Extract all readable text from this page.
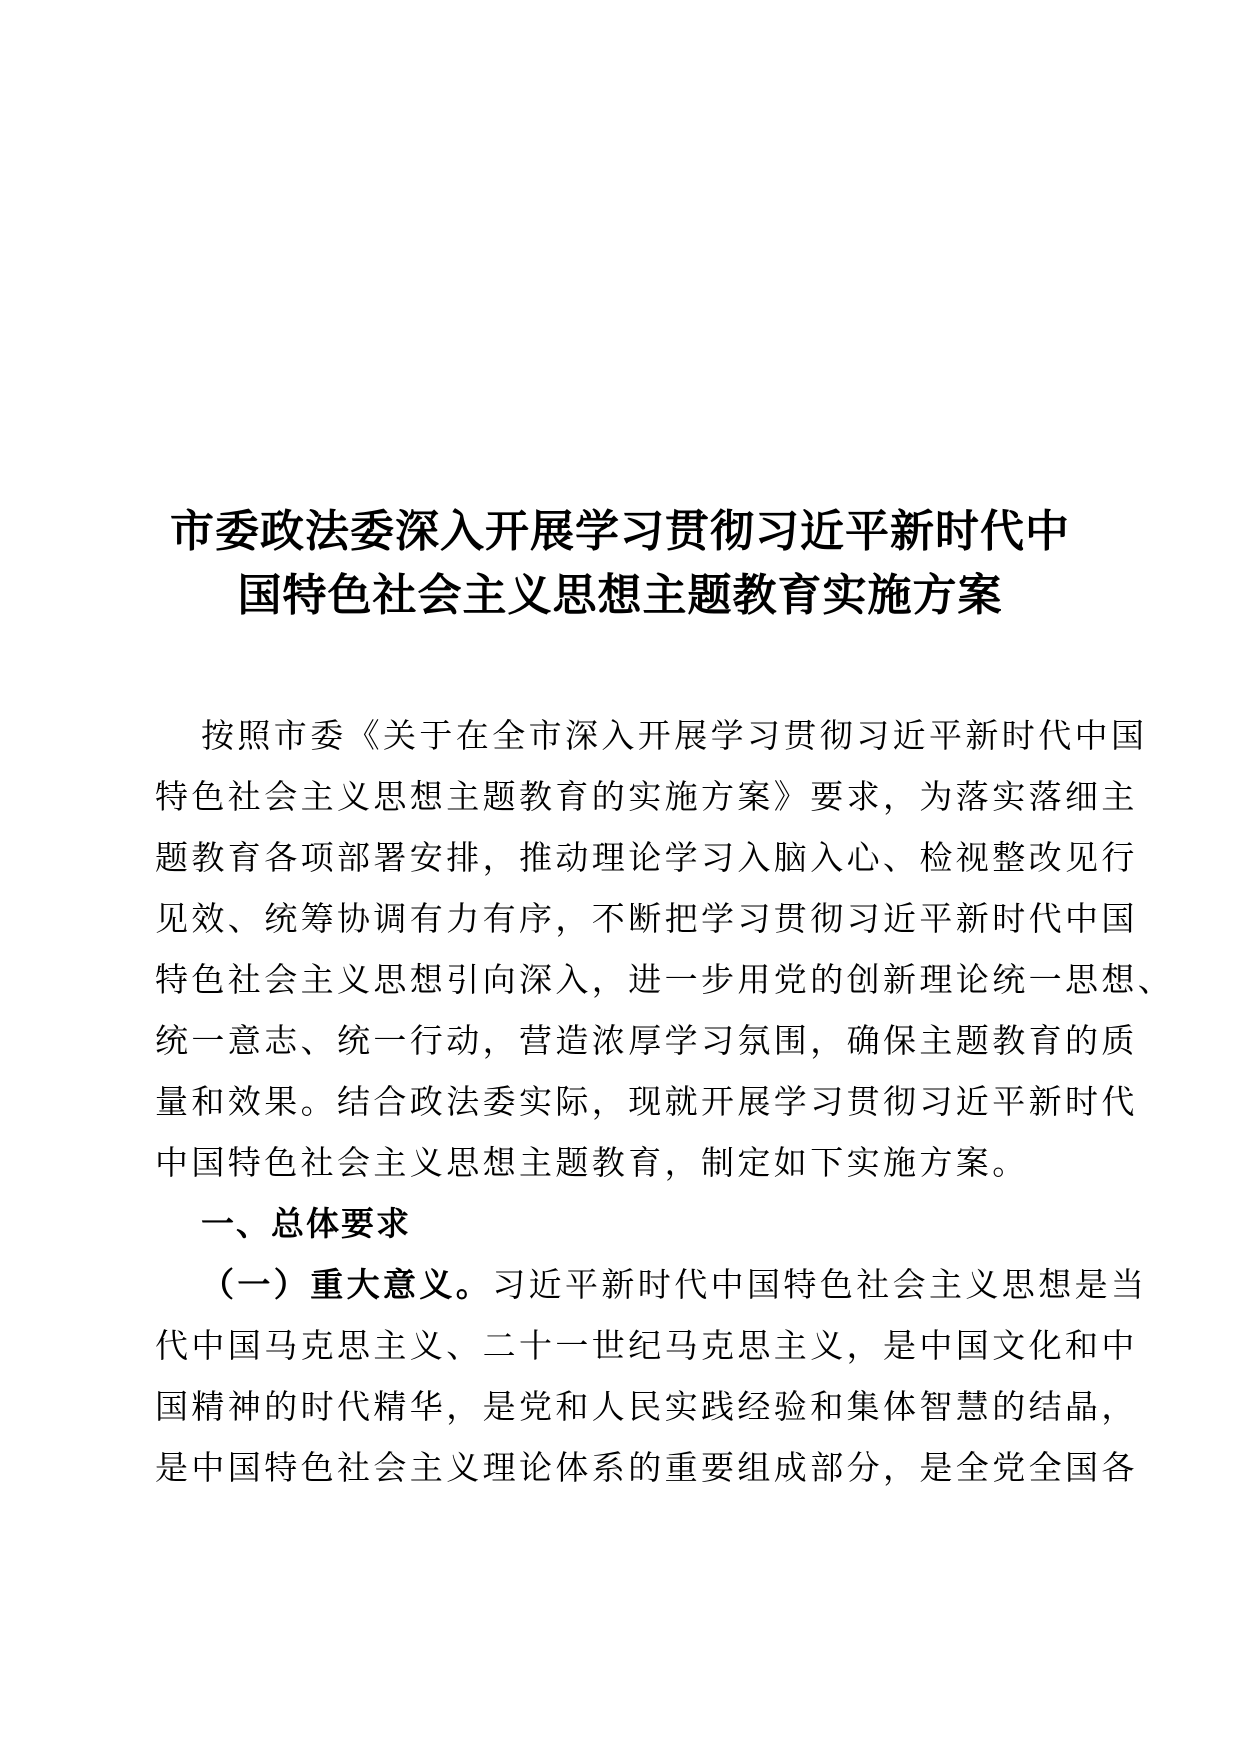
市委政法委深入开展学习贯彻习近平新时代中
国特色社会主义思想主题教育实施方案
按照市委《关于在全市深入开展学习贯彻习近平新时代中国
特色社会主义思想主题教育的实施方案》要求，为落实落细主
题教育各项部署安排，推动理论学习入脑入心、检视整改见行
见效、统筹协调有力有序，不断把学习贯彻习近平新时代中国
特色社会主义思想引向深入，进一步用党的创新理论统一思想、
统一意志、统一行动，营造浓厚学习氛围，确保主题教育的质
量和效果。结合政法委实际，现就开展学习贯彻习近平新时代
中国特色社会主义思想主题教育，制定如下实施方案。
一、总体要求
（一）重大意义。习近平新时代中国特色社会主义思想是当
代中国马克思主义、二十一世纪马克思主义，是中国文化和中
国精神的时代精华，是党和人民实践经验和集体智慧的结晶，
是中国特色社会主义理论体系的重要组成部分，是全党全国各
